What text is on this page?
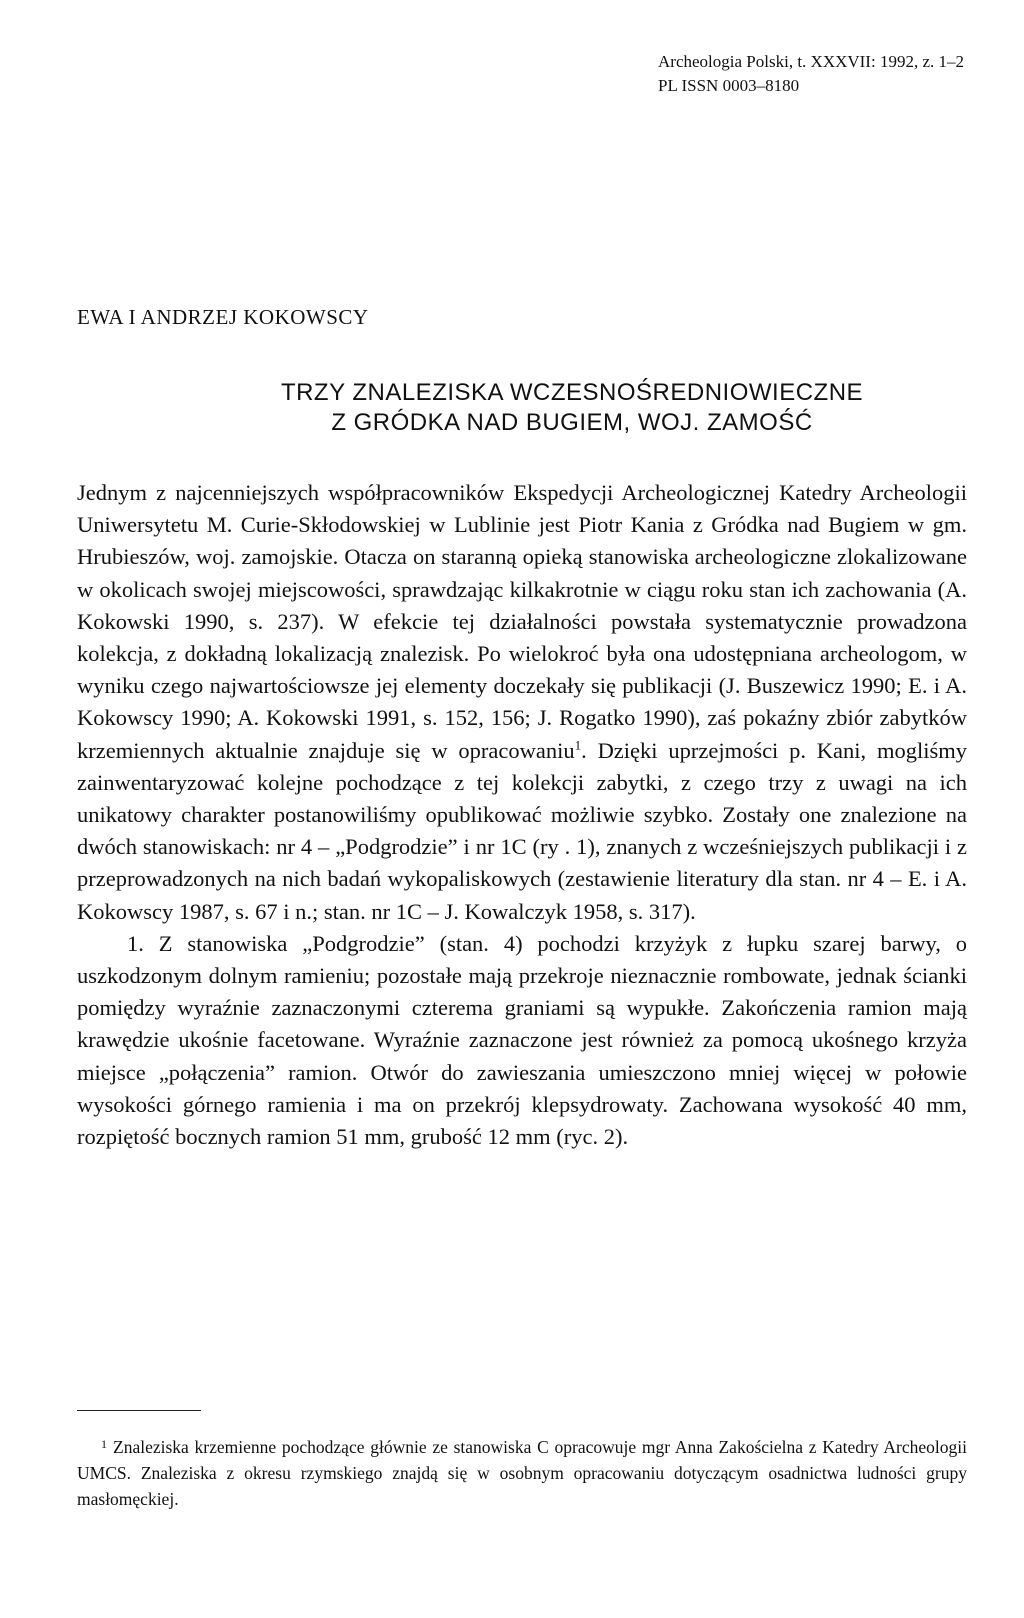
Archeologia Polski, t. XXXVII: 1992, z. 1–2
PL ISSN 0003–8180
EWA I ANDRZEJ KOKOWSCY
TRZY ZNALEZISKA WCZESNOŚREDNIOWIECZNE
Z GRÓDKA NAD BUGIEM, WOJ. ZAMOŚĆ

Jednym z najcenniejszych współpracowników Ekspedycji Archeologicznej Katedry Archeologii Uniwersytetu M. Curie-Skłodowskiej w Lublinie jest Piotr Kania z Gródka nad Bugiem w gm. Hrubieszów, woj. zamojskie. Otacza on staranną opieką stanowiska archeologiczne zlokalizowane w okolicach swojej miejscowości, sprawdzając kilkakrotnie w ciągu roku stan ich zachowania (A. Kokowski 1990, s. 237). W efekcie tej działalności powstała systematycznie prowadzona kolekcja, z dokładną lokalizacją znalezisk. Po wielokroć była ona udostępniana archeologom, w wyniku czego najwartościowsze jej elementy doczekały się publikacji (J. Buszewicz 1990; E. i A. Kokowscy 1990; A. Kokowski 1991, s. 152, 156; J. Rogatko 1990), zaś pokaźny zbiór zabytków krzemiennych aktualnie znajduje się w opracowaniu$^1$. Dzięki uprzejmości p. Kani, mogliśmy zainwentaryzować kolejne pochodzące z tej kolekcji zabytki, z czego trzy z uwagi na ich unikatowy charakter postanowiliśmy opublikować możliwie szybko. Zostały one znalezione na dwóch stanowiskach: nr 4 – „Podgrodzie” i nr 1C (ry . 1), znanych z wcześniejszych publikacji i z przeprowadzonych na nich badań wykopaliskowych (zestawienie literatury dla stan. nr 4 – E. i A. Kokowscy 1987, s. 67 i n.; stan. nr 1C – J. Kowalczyk 1958, s. 317).

1. Z stanowiska „Podgrodzie” (stan. 4) pochodzi krzyżyk z łupku szarej barwy, o uszkodzonym dolnym ramieniu; pozostałe mają przekroje nieznacznie rombowate, jednak ścianki pomiędzy wyraźnie zaznaczonymi czterema graniami są wypukłe. Zakończenia ramion mają krawędzie ukośnie facetowane. Wyraźnie zaznaczone jest również za pomocą ukośnego krzyża miejsce „połączenia” ramion. Otwór do zawieszania umieszczono mniej więcej w połowie wysokości górnego ramienia i ma on przekrój klepsydrowaty. Zachowana wysokość 40 mm, rozpiętość bocznych ramion 51 mm, grubość 12 mm (ryc. 2).

1 Znaleziska krzemienne pochodzące głównie ze stanowiska C opracowuje mgr Anna Zakościelna z Katedry Archeologii UMCS. Znaleziska z okresu rzymskiego znajdą się w osobnym opracowaniu dotyczącym osadnictwa ludności grupy masłomęckiej.
